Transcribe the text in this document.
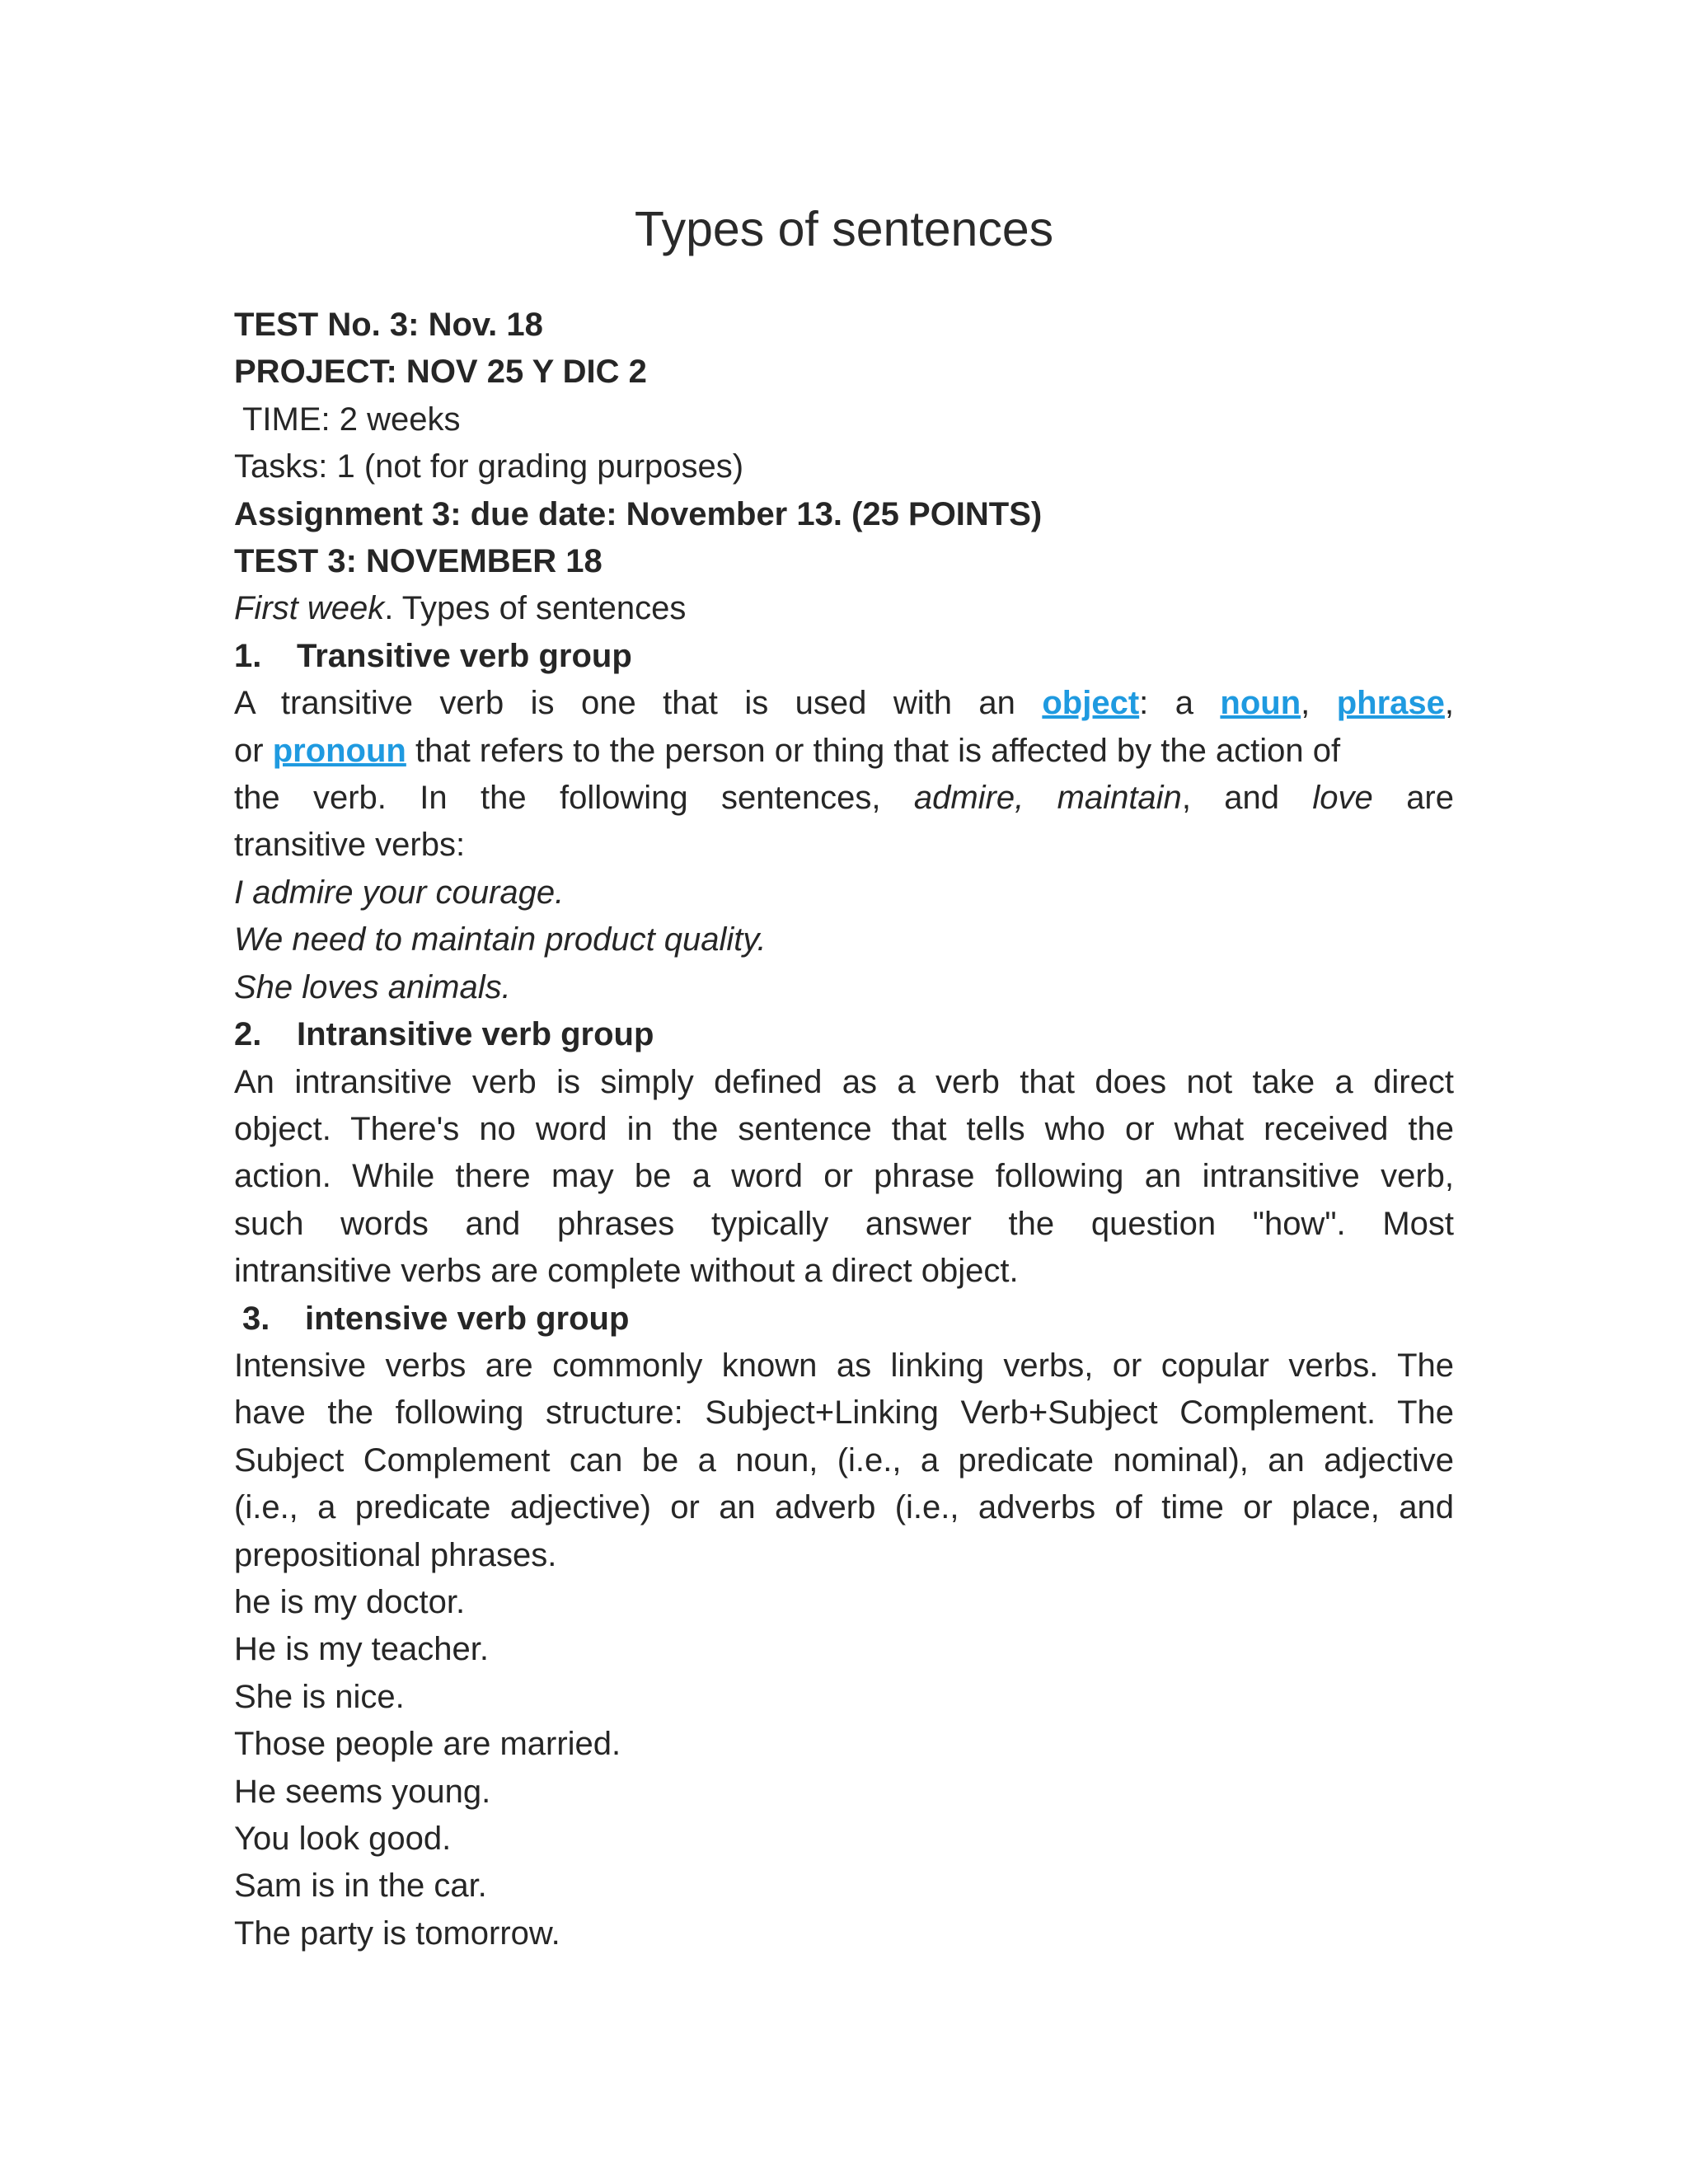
Types of sentences
TEST No. 3: Nov. 18
PROJECT: NOV 25 Y DIC 2
TIME: 2 weeks
Tasks: 1 (not for grading purposes)
Assignment 3: due date: November 13. (25 POINTS)
TEST 3: NOVEMBER 18
First week. Types of sentences
1. Transitive verb group
A transitive verb is one that is used with an object: a noun, phrase,
or pronoun that refers to the person or thing that is affected by the action of
the verb. In the following sentences, admire, maintain, and love are
transitive verbs:
I admire your courage.
We need to maintain product quality.
She loves animals.
2. Intransitive verb group
An intransitive verb is simply defined as a verb that does not take a direct
object. There's no word in the sentence that tells who or what received the
action. While there may be a word or phrase following an intransitive verb,
such words and phrases typically answer the question "how". Most
intransitive verbs are complete without a direct object.
3. intensive verb group
Intensive verbs are commonly known as linking verbs, or copular verbs. The
have the following structure: Subject+Linking Verb+Subject Complement. The
Subject Complement can be a noun, (i.e., a predicate nominal), an adjective
(i.e., a predicate adjective) or an adverb (i.e., adverbs of time or place, and
prepositional phrases.
he is my doctor.
He is my teacher.
She is nice.
Those people are married.
He seems young.
You look good.
Sam is in the car.
The party is tomorrow.
